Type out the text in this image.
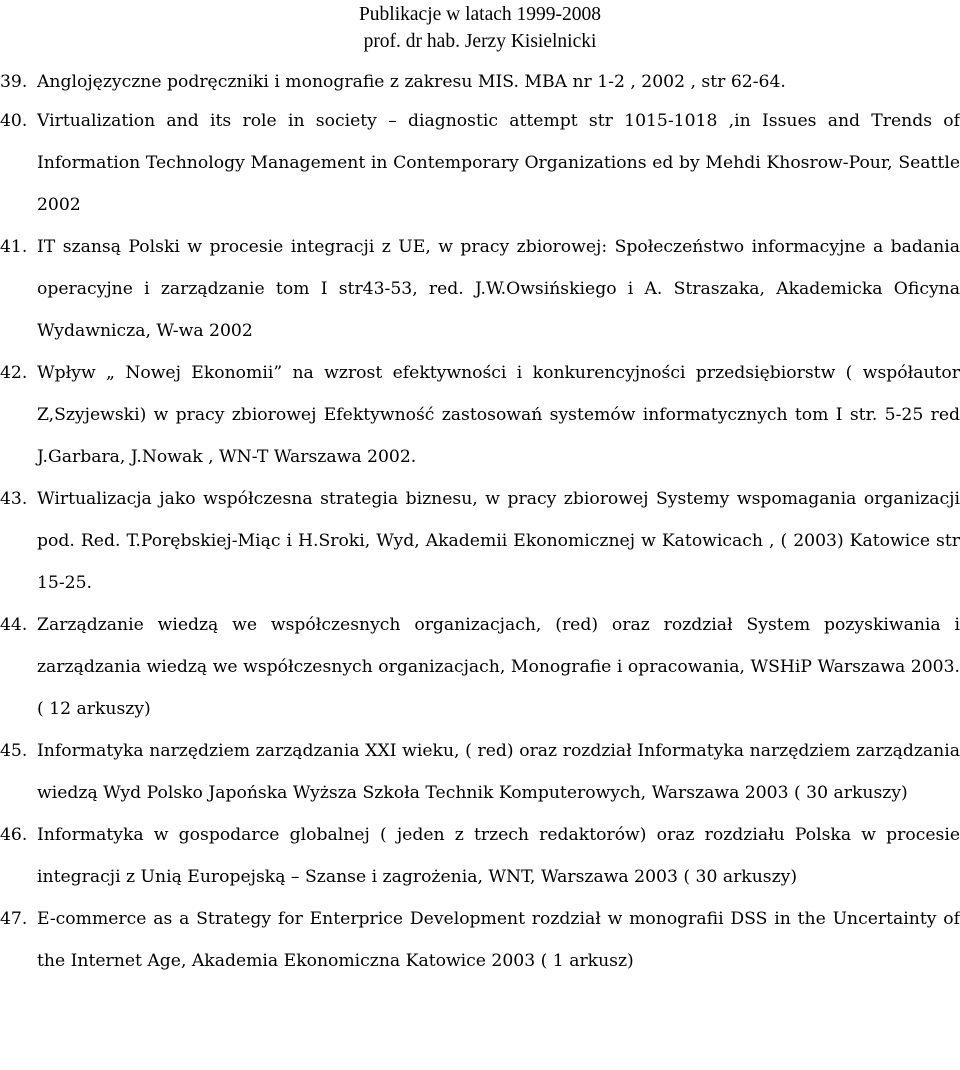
Publikacje w latach 1999-2008
prof. dr hab. Jerzy Kisielnicki
39. Anglojęzyczne podręczniki i monografie z zakresu MIS. MBA nr 1-2 , 2002 , str 62-64.
40. Virtualization and its role in society – diagnostic attempt str 1015-1018 ,in Issues and Trends of Information Technology Management in Contemporary Organizations ed by Mehdi Khosrow-Pour, Seattle 2002
41. IT szansą Polski w procesie integracji z UE, w pracy zbiorowej: Społeczeństwo informacyjne a badania operacyjne i zarządzanie tom I str43-53, red. J.W.Owsińskiego i A. Straszaka, Akademicka Oficyna Wydawnicza, W-wa 2002
42. Wpływ „ Nowej Ekonomii” na wzrost efektywności i konkurencyjności przedsiębiorstw ( współautor Z,Szyjewski) w pracy zbiorowej Efektywność zastosowań systemów informatycznych tom I str. 5-25 red J.Garbara, J.Nowak , WN-T Warszawa 2002.
43. Wirtualizacja jako współczesna strategia biznesu, w pracy zbiorowej Systemy wspomagania organizacji pod. Red. T.Porębskiej-Miąc i H.Sroki, Wyd, Akademii Ekonomicznej w Katowicach , ( 2003) Katowice str 15-25.
44. Zarządzanie wiedzą we współczesnych organizacjach, (red) oraz rozdział System pozyskiwania i zarządzania wiedzą we współczesnych organizacjach, Monografie i opracowania, WSHiP Warszawa 2003.( 12 arkuszy)
45. Informatyka narzędziem zarządzania XXI wieku, ( red) oraz rozdział Informatyka narzędziem zarządzania wiedzą Wyd Polsko Japońska Wyższa Szkoła Technik Komputerowych, Warszawa 2003 ( 30 arkuszy)
46. Informatyka w gospodarce globalnej ( jeden z trzech redaktorów) oraz rozdziału Polska w procesie integracji z Unią Europejską – Szanse i zagrożenia, WNT, Warszawa 2003 ( 30 arkuszy)
47. E-commerce as a Strategy for Enterprice Development rozdział w monografii DSS in the Uncertainty of the Internet Age, Akademia Ekonomiczna Katowice 2003 ( 1 arkusz)
